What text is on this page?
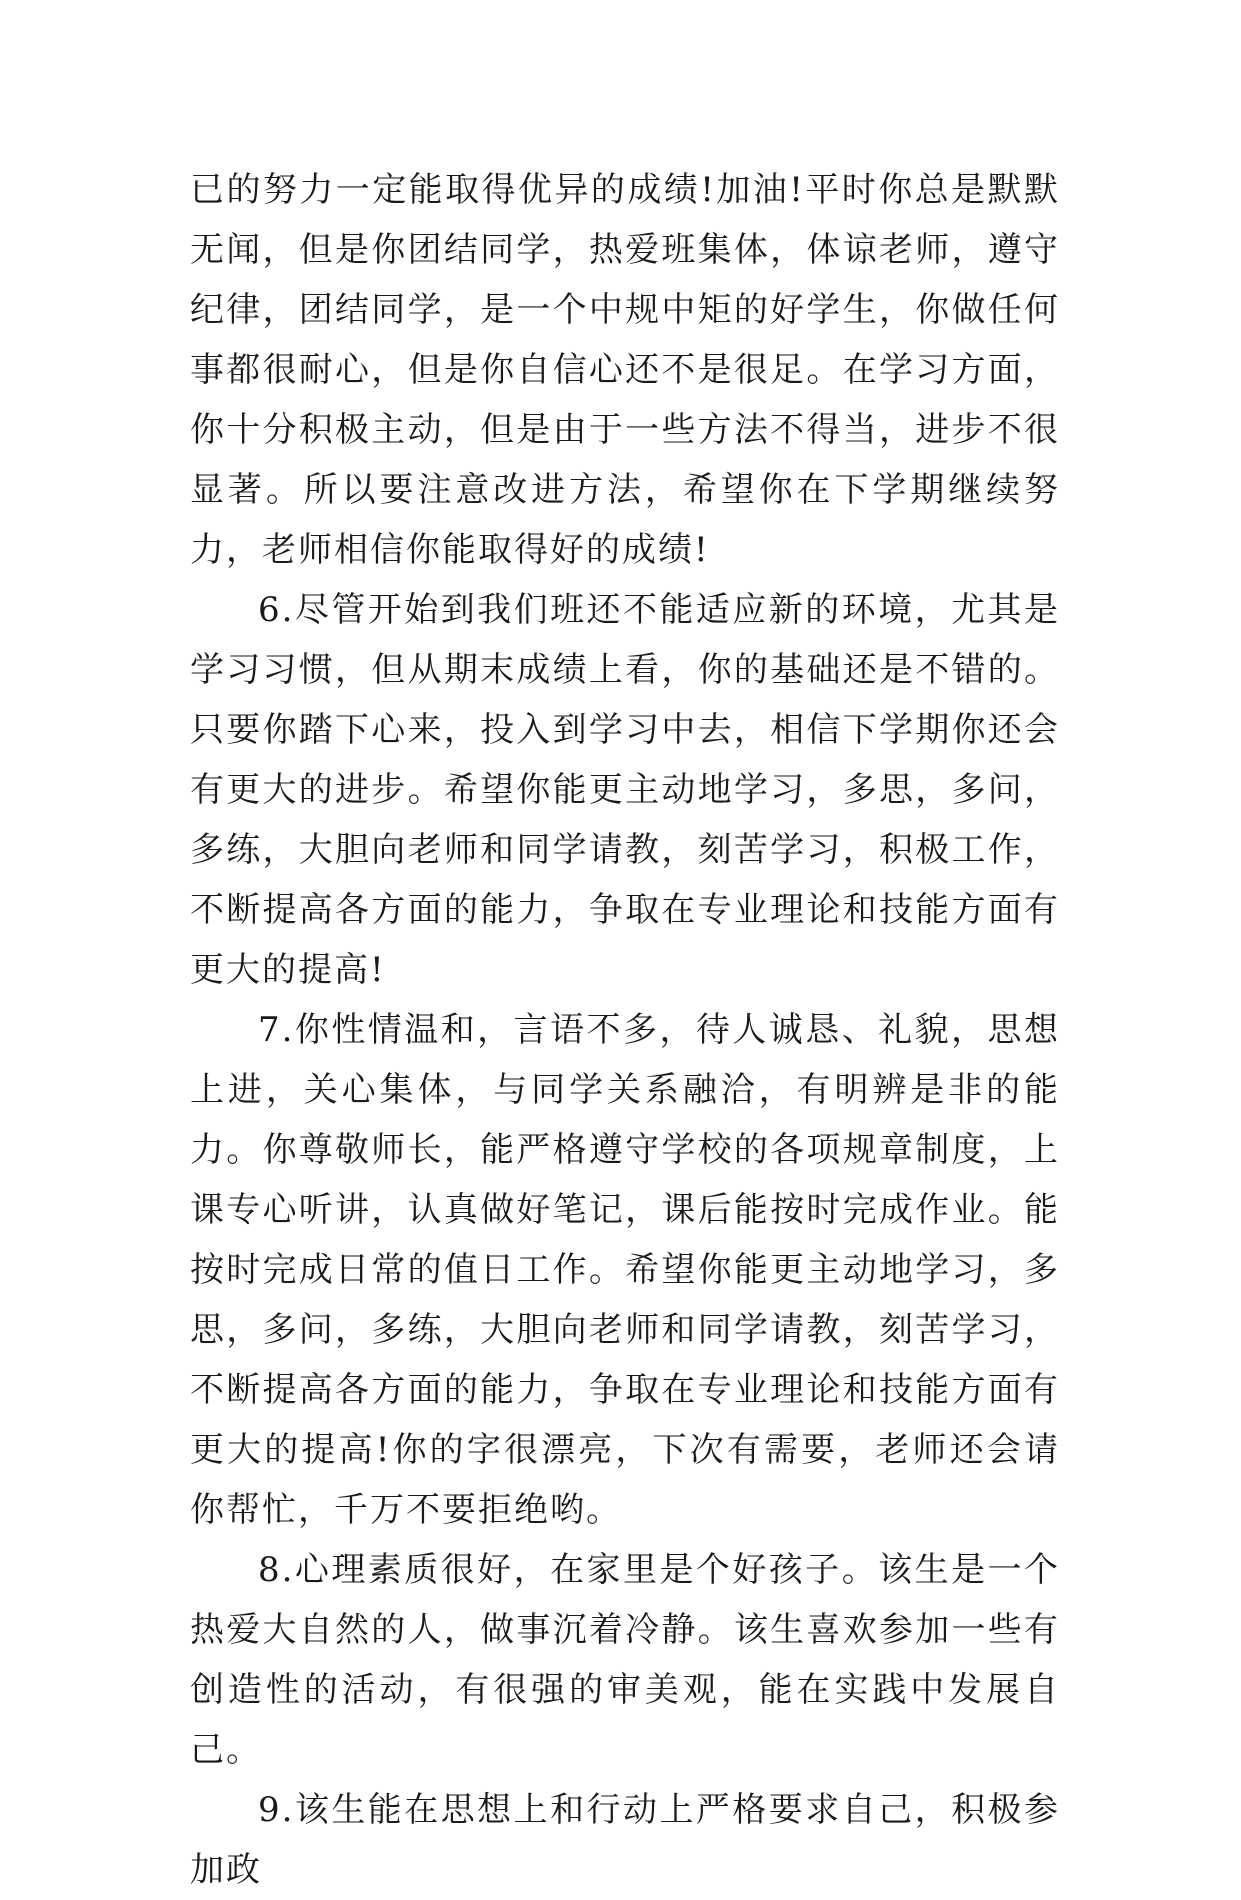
已的努力一定能取得优异的成绩!加油!平时你总是默默无闻，但是你团结同学，热爱班集体，体谅老师，遵守纪律，团结同学，是一个中规中矩的好学生，你做任何事都很耐心，但是你自信心还不是很足。在学习方面，你十分积极主动，但是由于一些方法不得当，进步不很显著。所以要注意改进方法，希望你在下学期继续努力，老师相信你能取得好的成绩!

6.尽管开始到我们班还不能适应新的环境，尤其是学习习惯，但从期末成绩上看，你的基础还是不错的。只要你踏下心来，投入到学习中去，相信下学期你还会有更大的进步。希望你能更主动地学习，多思，多问，多练，大胆向老师和同学请教，刻苦学习，积极工作，不断提高各方面的能力，争取在专业理论和技能方面有更大的提高!

7.你性情温和，言语不多，待人诚恳、礼貌，思想上进，关心集体，与同学关系融洽，有明辨是非的能力。你尊敬师长，能严格遵守学校的各项规章制度，上课专心听讲，认真做好笔记，课后能按时完成作业。能按时完成日常的值日工作。希望你能更主动地学习，多思，多问，多练，大胆向老师和同学请教，刻苦学习，不断提高各方面的能力，争取在专业理论和技能方面有更大的提高!你的字很漂亮，下次有需要，老师还会请你帮忙，千万不要拒绝哟。

8.心理素质很好，在家里是个好孩子。该生是一个热爱大自然的人，做事沉着冷静。该生喜欢参加一些有创造性的活动，有很强的审美观，能在实践中发展自己。

9.该生能在思想上和行动上严格要求自己，积极参加政
